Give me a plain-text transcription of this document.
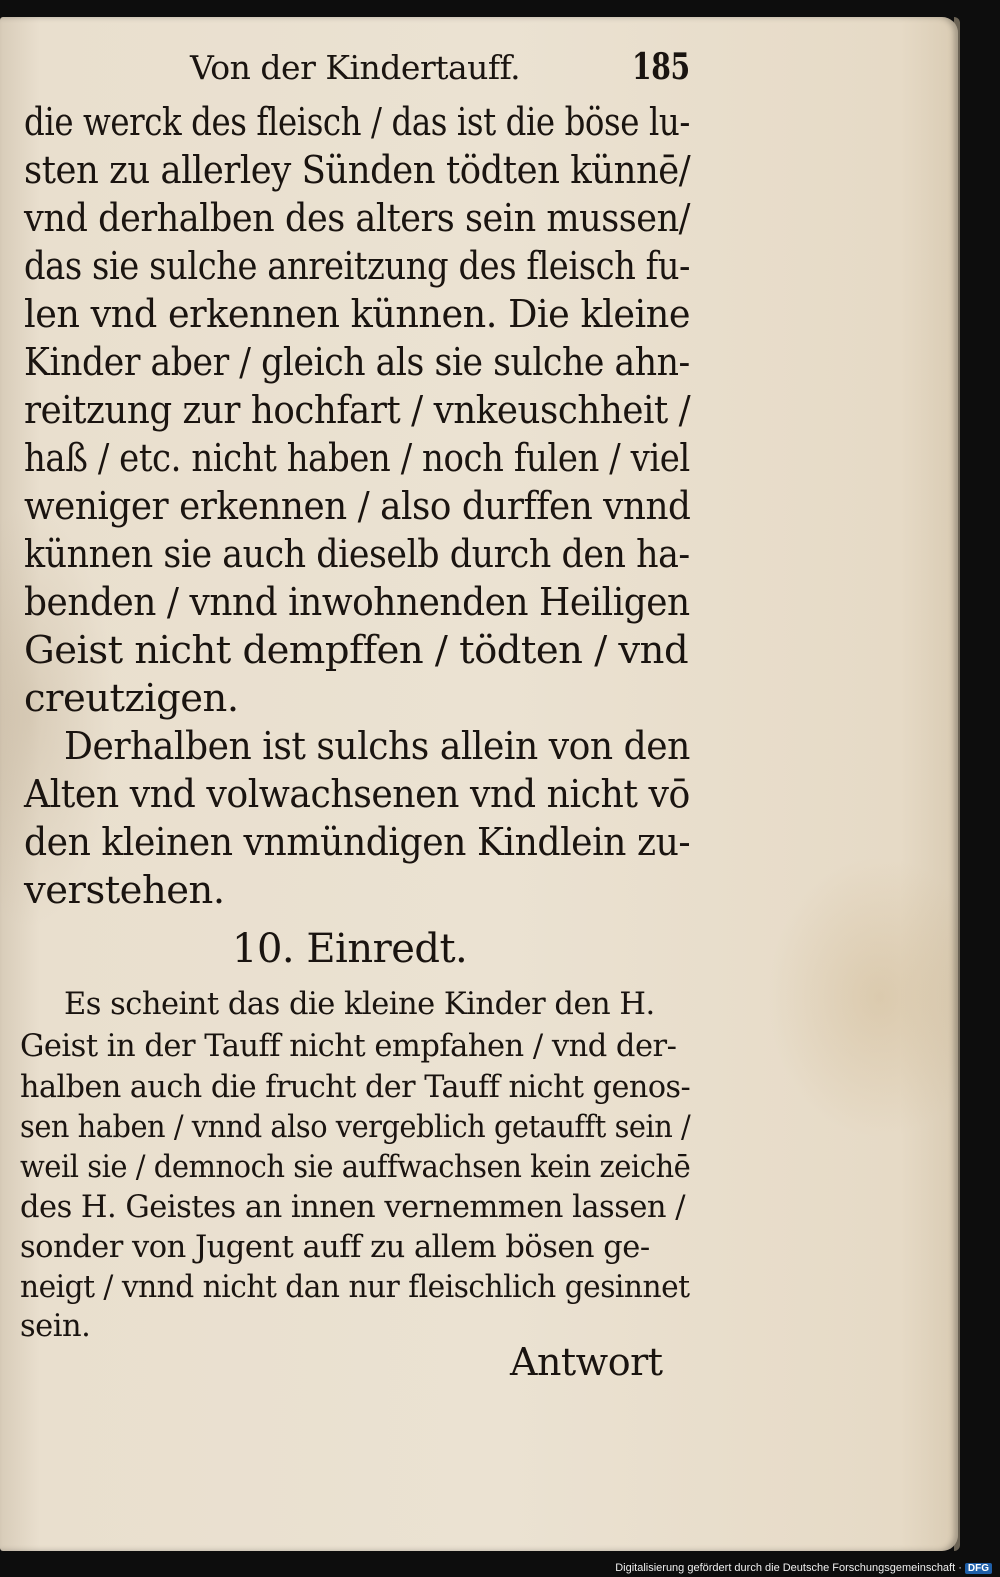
Von der Kindertauff.	185

die werck des fleisch / das ist die böse lu-

sten zu allerley Sünden tödten künnē/

vnd derhalben des alters sein mussen/

das sie sulche anreitzung des fleisch fu-

len vnd erkennen künnen. Die kleine

Kinder aber / gleich als sie sulche ahn-

reitzung zur hochfart / vnkeuschheit /

haß / etc. nicht haben / noch fulen / viel

weniger erkennen / also durffen vnnd

künnen sie auch dieselb durch den ha-

benden / vnnd inwohnenden Heiligen

Geist nicht dempffen / tödten / vnd

creutzigen.

Derhalben ist sulchs allein von den

Alten vnd volwachsenen vnd nicht vō

den kleinen vnmündigen Kindlein zu-

verstehen.

10. Einredt.

Es scheint das die kleine Kinder den H.

Geist in der Tauff nicht empfahen / vnd der-

halben auch die frucht der Tauff nicht genos-

sen haben / vnnd also vergeblich getaufft sein /

weil sie / demnoch sie auffwachsen kein zeichē

des H. Geistes an innen vernemmen lassen /

sonder von Jugent auff zu allem bösen ge-

neigt / vnnd nicht dan nur fleischlich gesinnet

sein.

Antwort

Digitalisierung gefördert durch die Deutsche Forschungsgemeinschaft · DFG
